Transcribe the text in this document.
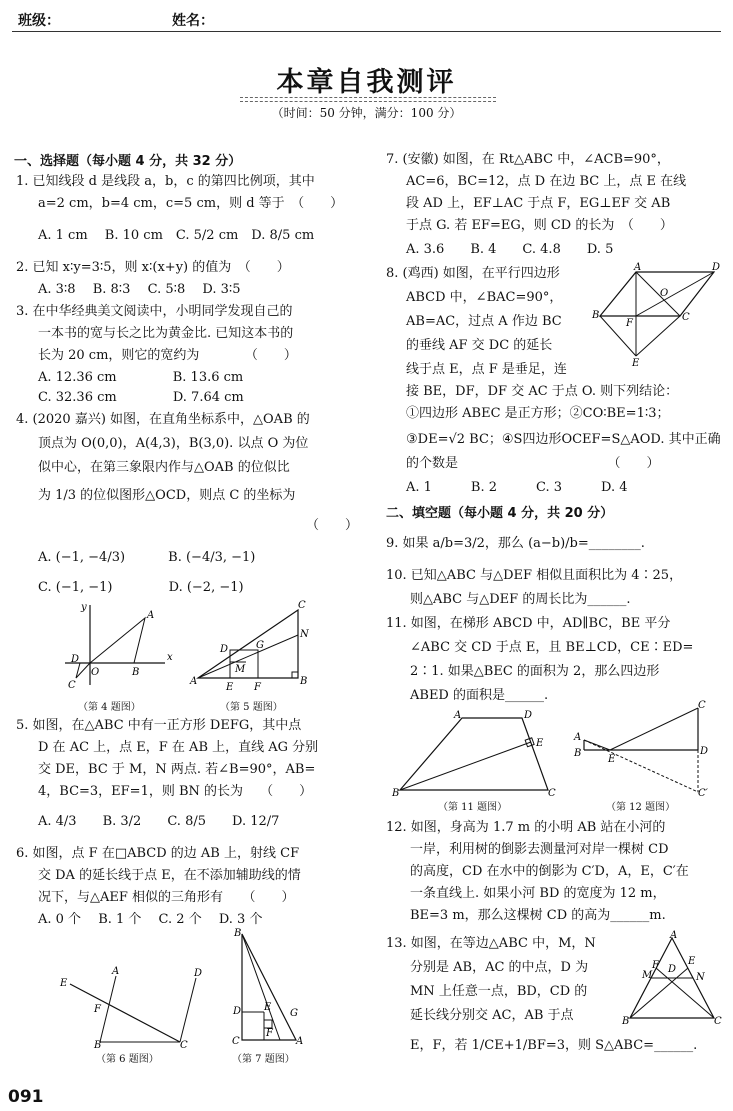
班级：	姓名：
本章自我测评
（时间：50 分钟，满分：100 分）
一、选择题（每小题 4 分，共 32 分）
1. 已知线段 d 是线段 a，b，c 的第四比例项，其中
a=2 cm，b=4 cm，c=5 cm，则 d 等于　（　　）
A. 1 cm　 B. 10 cm　C. 5/2 cm　D. 8/5 cm
2. 已知 x∶y=3∶5，则 x∶(x+y) 的值为　（　　）
A. 3∶8　 B. 8∶3　 C. 5∶8　 D. 3∶5
3. 在中华经典美文阅读中，小明同学发现自己的
一本书的宽与长之比为黄金比. 已知这本书的
长为 20 cm，则它的宽约为　　　　（　　）
A. 12.36 cm　　　　 B. 13.6 cm
C. 32.36 cm　　　　 D. 7.64 cm
4. (2020 嘉兴) 如图，在直角坐标系中，△OAB 的
顶点为 O(0,0)，A(4,3)，B(3,0). 以点 O 为位
似中心，在第三象限内作与△OAB 的位似比
为 1/3 的位似图形△OCD，则点 C 的坐标为
（　　）
A. (−1, −4/3)　　　 B. (−4/3, −1)
C. (−1, −1)　　　　 D. (−2, −1)
A
B
O
D
C
x
y
（第 4 题图）
C
N
D	G
M
A
E F
B
（第 5 题图）
5. 如图，在△ABC 中有一正方形 DEFG，其中点
D 在 AC 上，点 E，F 在 AB 上，直线 AG 分别
交 DE，BC 于 M，N 两点. 若∠B=90°，AB=
4，BC=3，EF=1，则 BN 的长为　 （　　）
A. 4/3　　B. 3/2　　C. 8/5　　D. 12/7
6. 如图，点 F 在□ABCD 的边 AB 上，射线 CF
交 DA 的延长线于点 E，在不添加辅助线的情
况下，与△AEF 相似的三角形有　　（　　）
A. 0 个　 B. 1 个　 C. 2 个　 D. 3 个
E
A
F
D
B	C
（第 6 题图）
B
D E
G
C
F
A
（第 7 题图）
091
7. (安徽) 如图，在 Rt△ABC 中，∠ACB=90°，
AC=6，BC=12，点 D 在边 BC 上，点 E 在线
段 AD 上，EF⊥AC 于点 F，EG⊥EF 交 AB
于点 G. 若 EF=EG，则 CD 的长为　（　　）
A. 3.6　　B. 4　　C. 4.8　　D. 5
8. (鸡西) 如图，在平行四边形
ABCD 中，∠BAC=90°，
AB=AC，过点 A 作边 BC
的垂线 AF 交 DC 的延长
线于点 E，点 F 是垂足，连
接 BE，DF，DF 交 AC 于点 O. 则下列结论：
①四边形 ABEC 是正方形；②CO∶BE=1∶3；
③DE=√2 BC；④S四边形OCEF=S△AOD. 其中正确
的个数是　　　　　　　　　　　　（　　）
A. 1　　　B. 2　　　C. 3　　　D. 4
A	D
O
B
F
C
E
二、填空题（每小题 4 分，共 20 分）
9. 如果 a/b=3/2，那么 (a−b)/b=________.
10. 已知△ABC 与△DEF 相似且面积比为 4∶25，
则△ABC 与△DEF 的周长比为______.
11. 如图，在梯形 ABCD 中，AD∥BC，BE 平分
∠ABC 交 CD 于点 E，且 BE⊥CD，CE∶ED=
2∶1. 如果△BEC 的面积为 2，那么四边形
ABED 的面积是______.
A	D
E
B	C
（第 11 题图）
A
B
E
C
D
C′
（第 12 题图）
12. 如图，身高为 1.7 m 的小明 AB 站在小河的
一岸，利用树的倒影去测量河对岸一棵树 CD
的高度，CD 在水中的倒影为 C′D，A，E，C′在
一条直线上. 如果小河 BD 的宽度为 12 m，
BE=3 m，那么这棵树 CD 的高为______m.
13. 如图，在等边△ABC 中，M，N
分别是 AB，AC 的中点，D 为
MN 上任意一点，BD，CD 的
延长线分别交 AC，AB 于点
E，F，若 1/CE+1/BF=3，则 S△ABC=______.
A
M	N
F D
E
B	C
